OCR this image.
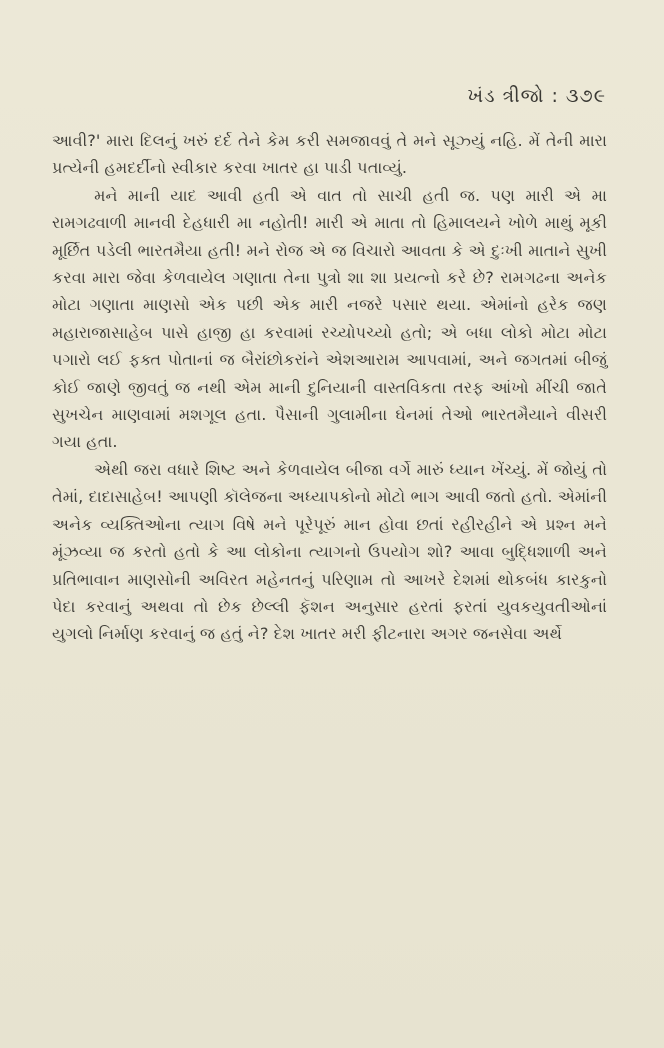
ખંડ ત્રીજો : ૩૭૯

આવી?' મારા દિલનું ખરું દર્દ તેને કેમ કરી સમજાવવું તે મને સૂઝ્યું નહિ. મેં તેની મારા પ્રત્યેની હમદર્દીનો સ્વીકાર કરવા ખાતર હા પાડી પતાવ્યું.

મને માની યાદ આવી હતી એ વાત તો સાચી હતી જ. પણ મારી એ મા રામગઢવાળી માનવી દેહધારી મા નહોતી! મારી એ માતા તો હિમાલયને ખોળે માથું મૂકી મૂર્છિત પડેલી ભારતમૈયા હતી! મને રોજ એ જ વિચારો આવતા કે એ દુઃખી માતાને સુખી કરવા મારા જેવા કેળવાયેલ ગણાતા તેના પુત્રો શા શા પ્રયત્નો કરે છે? રામગઢના અનેક મોટા ગણાતા માણસો એક પછી એક મારી નજરે પસાર થયા. એમાંનો હરેક જણ મહારાજાસાહેબ પાસે હાજી હા કરવામાં રચ્યોપચ્યો હતો; એ બધા લોકો મોટા મોટા પગારો લઈ ફક્ત પોતાનાં જ બૈરાંછોકરાંને એશઆરામ આપવામાં, અને જગતમાં બીજું કોઈ જાણે જીવતું જ નથી એમ માની દુનિયાની વાસ્તવિકતા તરફ આંખો મીંચી જાતે સુખચેન માણવામાં મશગૂલ હતા. પૈસાની ગુલામીના ઘેનમાં તેઓ ભારતમૈયાને વીસરી ગયા હતા.

એથી જરા વધારે શિષ્ટ અને કેળવાયેલ બીજા વર્ગે મારું ધ્યાન ખેંચ્યું. મેં જોયું તો તેમાં, દાદાસાહેબ! આપણી કૉલેજના અધ્યાપકોનો મોટો ભાગ આવી જતો હતો. એમાંની અનેક વ્યક્તિઓના ત્યાગ વિષે મને પૂરેપૂરું માન હોવા છતાં રહીરહીને એ પ્રશ્ન મને મૂંઝવ્યા જ કરતો હતો કે આ લોકોના ત્યાગનો ઉપયોગ શો? આવા બુદ્ધિશાળી અને પ્રતિભાવાન માણસોની અવિરત મહેનતનું પરિણામ તો આખરે દેશમાં થોકબંધ કારકુનો પેદા કરવાનું અથવા તો છેક છેલ્લી ફૅશન અનુસાર હરતાં ફરતાં યુવકયુવતીઓનાં યુગલો નિર્માણ કરવાનું જ હતું ને? દેશ ખાતર મરી ફીટનારા અગર જનસેવા અર્થે
